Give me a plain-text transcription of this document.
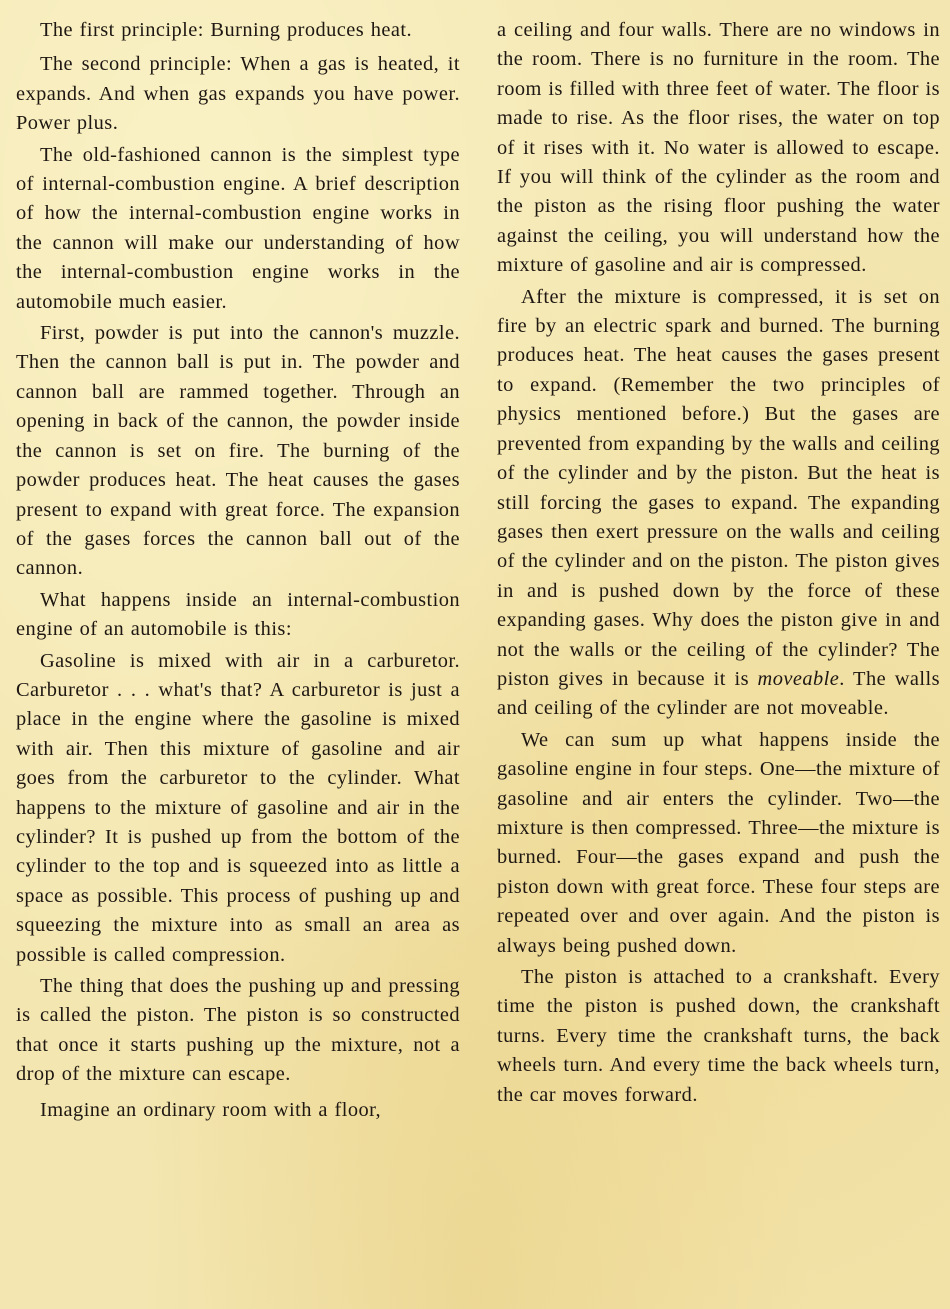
The first principle: Burning produces heat.

The second principle: When a gas is heated, it expands. And when gas expands you have power. Power plus.

The old-fashioned cannon is the simplest type of internal-combustion engine. A brief description of how the internal-combustion engine works in the cannon will make our understanding of how the internal-combustion engine works in the automobile much easier.

First, powder is put into the cannon's muzzle. Then the cannon ball is put in. The powder and cannon ball are rammed together. Through an opening in back of the cannon, the powder inside the cannon is set on fire. The burning of the powder produces heat. The heat causes the gases present to expand with great force. The expansion of the gases forces the cannon ball out of the cannon.

What happens inside an internal-combustion engine of an automobile is this:

Gasoline is mixed with air in a carburetor. Carburetor . . . what's that? A carburetor is just a place in the engine where the gasoline is mixed with air. Then this mixture of gasoline and air goes from the carburetor to the cylinder. What happens to the mixture of gasoline and air in the cylinder? It is pushed up from the bottom of the cylinder to the top and is squeezed into as little a space as possible. This process of pushing up and squeezing the mixture into as small an area as possible is called compression.

The thing that does the pushing up and pressing is called the piston. The piston is so constructed that once it starts pushing up the mixture, not a drop of the mixture can escape.

Imagine an ordinary room with a floor,

a ceiling and four walls. There are no windows in the room. There is no furniture in the room. The room is filled with three feet of water. The floor is made to rise. As the floor rises, the water on top of it rises with it. No water is allowed to escape. If you will think of the cylinder as the room and the piston as the rising floor pushing the water against the ceiling, you will understand how the mixture of gasoline and air is compressed.

After the mixture is compressed, it is set on fire by an electric spark and burned. The burning produces heat. The heat causes the gases present to expand. (Remember the two principles of physics mentioned before.) But the gases are prevented from expanding by the walls and ceiling of the cylinder and by the piston. But the heat is still forcing the gases to expand. The expanding gases then exert pressure on the walls and ceiling of the cylinder and on the piston. The piston gives in and is pushed down by the force of these expanding gases. Why does the piston give in and not the walls or the ceiling of the cylinder? The piston gives in because it is moveable. The walls and ceiling of the cylinder are not moveable.

We can sum up what happens inside the gasoline engine in four steps. One—the mixture of gasoline and air enters the cylinder. Two—the mixture is then compressed. Three—the mixture is burned. Four—the gases expand and push the piston down with great force. These four steps are repeated over and over again. And the piston is always being pushed down.

The piston is attached to a crankshaft. Every time the piston is pushed down, the crankshaft turns. Every time the crankshaft turns, the back wheels turn. And every time the back wheels turn, the car moves forward.
